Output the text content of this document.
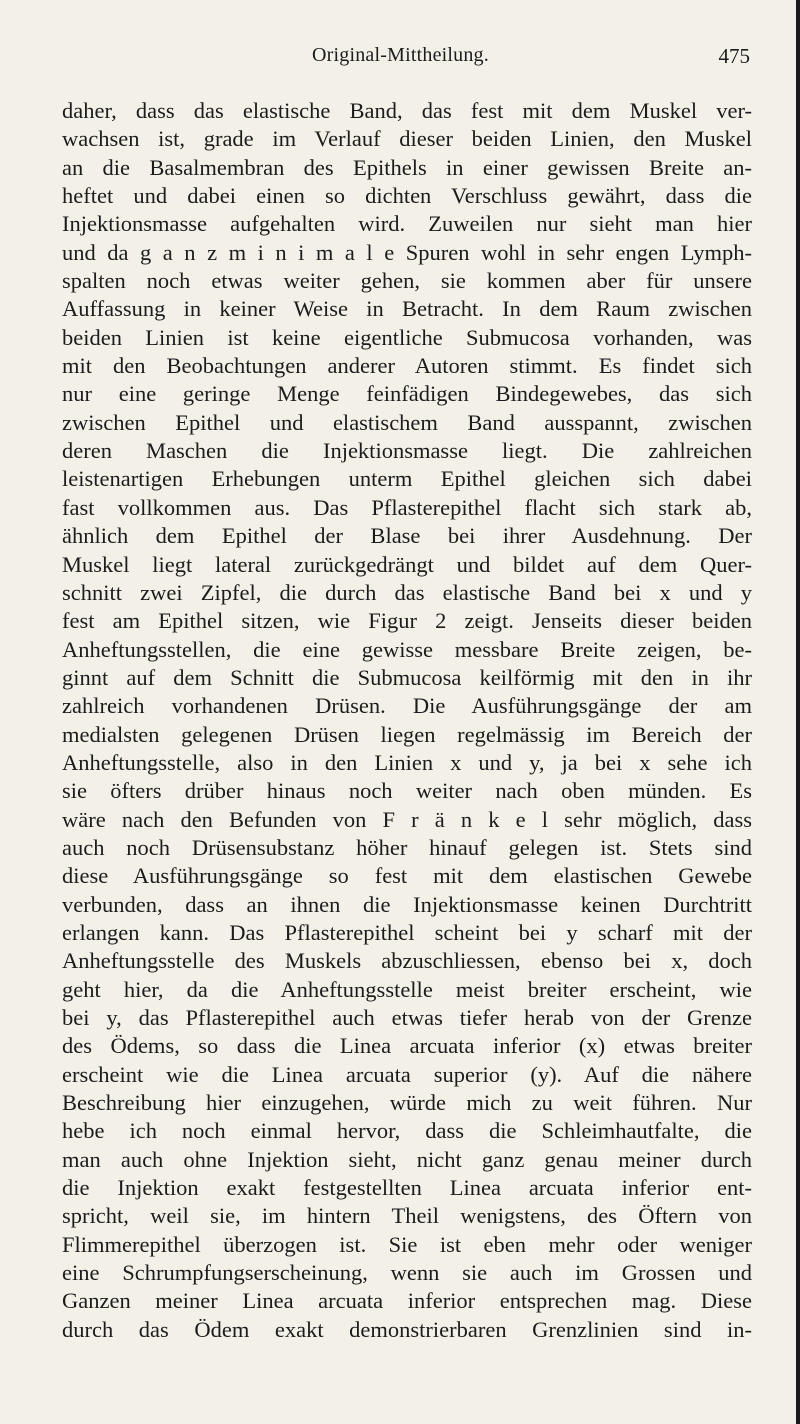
Original-Mittheilung.	475
daher, dass das elastische Band, das fest mit dem Muskel ver-
wachsen ist, grade im Verlauf dieser beiden Linien, den Muskel
an die Basalmembran des Epithels in einer gewissen Breite an-
heftet und dabei einen so dichten Verschluss gewährt, dass die
Injektionsmasse aufgehalten wird. Zuweilen nur sieht man hier
und da g a n z m i n i m a l e Spuren wohl in sehr engen Lymph-
spalten noch etwas weiter gehen, sie kommen aber für unsere
Auffassung in keiner Weise in Betracht. In dem Raum zwischen
beiden Linien ist keine eigentliche Submucosa vorhanden, was
mit den Beobachtungen anderer Autoren stimmt. Es findet sich
nur eine geringe Menge feinfädigen Bindegewebes, das sich
zwischen Epithel und elastischem Band ausspannt, zwischen
deren Maschen die Injektionsmasse liegt. Die zahlreichen
leistenartigen Erhebungen unterm Epithel gleichen sich dabei
fast vollkommen aus. Das Pflasterepithel flacht sich stark ab,
ähnlich dem Epithel der Blase bei ihrer Ausdehnung. Der
Muskel liegt lateral zurückgedrängt und bildet auf dem Quer-
schnitt zwei Zipfel, die durch das elastische Band bei x und y
fest am Epithel sitzen, wie Figur 2 zeigt. Jenseits dieser beiden
Anheftungsstellen, die eine gewisse messbare Breite zeigen, be-
ginnt auf dem Schnitt die Submucosa keilförmig mit den in ihr
zahlreich vorhandenen Drüsen. Die Ausführungsgänge der am
medialsten gelegenen Drüsen liegen regelmässig im Bereich der
Anheftungsstelle, also in den Linien x und y, ja bei x sehe ich
sie öfters drüber hinaus noch weiter nach oben münden. Es
wäre nach den Befunden von F r ä n k e l sehr möglich, dass
auch noch Drüsensubstanz höher hinauf gelegen ist. Stets sind
diese Ausführungsgänge so fest mit dem elastischen Gewebe
verbunden, dass an ihnen die Injektionsmasse keinen Durchtritt
erlangen kann. Das Pflasterepithel scheint bei y scharf mit der
Anheftungsstelle des Muskels abzuschliessen, ebenso bei x, doch
geht hier, da die Anheftungsstelle meist breiter erscheint, wie
bei y, das Pflasterepithel auch etwas tiefer herab von der Grenze
des Ödems, so dass die Linea arcuata inferior (x) etwas breiter
erscheint wie die Linea arcuata superior (y). Auf die nähere
Beschreibung hier einzugehen, würde mich zu weit führen. Nur
hebe ich noch einmal hervor, dass die Schleimhautfalte, die
man auch ohne Injektion sieht, nicht ganz genau meiner durch
die Injektion exakt festgestellten Linea arcuata inferior ent-
spricht, weil sie, im hintern Theil wenigstens, des Öftern von
Flimmerepithel überzogen ist. Sie ist eben mehr oder weniger
eine Schrumpfungserscheinung, wenn sie auch im Grossen und
Ganzen meiner Linea arcuata inferior entsprechen mag. Diese
durch das Ödem exakt demonstrierbaren Grenzlinien sind in-
